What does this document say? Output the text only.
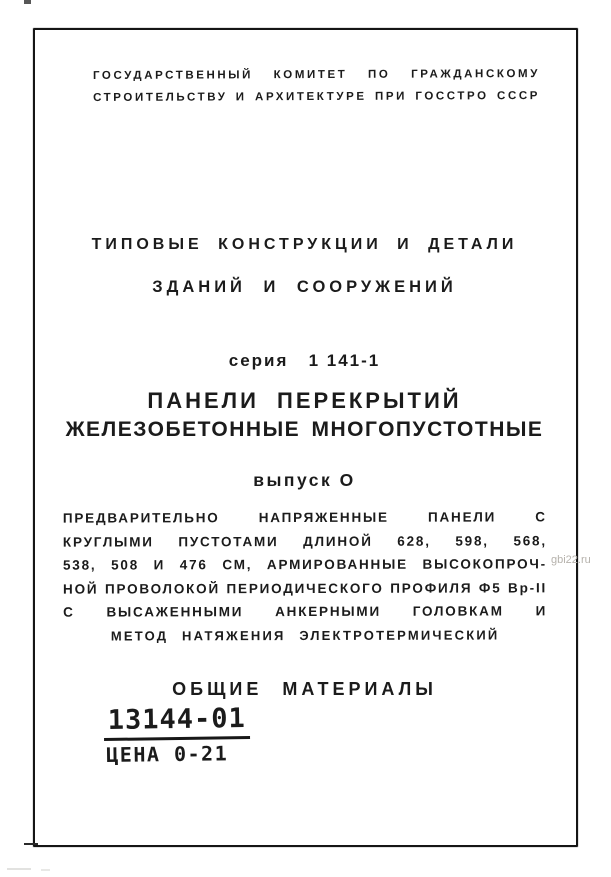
ГОСУДАРСТВЕННЫЙ КОМИТЕТ ПО ГРАЖДАНСКОМУ
СТРОИТЕЛЬСТВУ И АРХИТЕКТУРЕ ПРИ ГОССТРО СССР
ТИПОВЫЕ КОНСТРУКЦИИ И ДЕТАЛИ
ЗДАНИЙ И СООРУЖЕНИЙ
серия   1 141-1
ПАНЕЛИ ПЕРЕКРЫТИЙ
ЖЕЛЕЗОБЕТОННЫЕ МНОГОПУСТОТНЫЕ
выпуск О
ПРЕДВАРИТЕЛЬНО НАПРЯЖЕННЫЕ ПАНЕЛИ С
КРУГЛЫМИ ПУСТОТАМИ ДЛИНОЙ 628, 598, 568,
538, 508 И 476 СМ, АРМИРОВАННЫЕ ВЫСОКОПРОЧ-
НОЙ ПРОВОЛОКОЙ ПЕРИОДИЧЕСКОГО ПРОФИЛЯ Ф5 Вр-II
С ВЫСАЖЕННЫМИ АНКЕРНЫМИ ГОЛОВКАМ И
МЕТОД НАТЯЖЕНИЯ ЭЛЕКТРОТЕРМИЧЕСКИЙ
ОБЩИЕ МАТЕРИАЛЫ
13144-01
ЦЕНА 0-21
gbi22.ru
